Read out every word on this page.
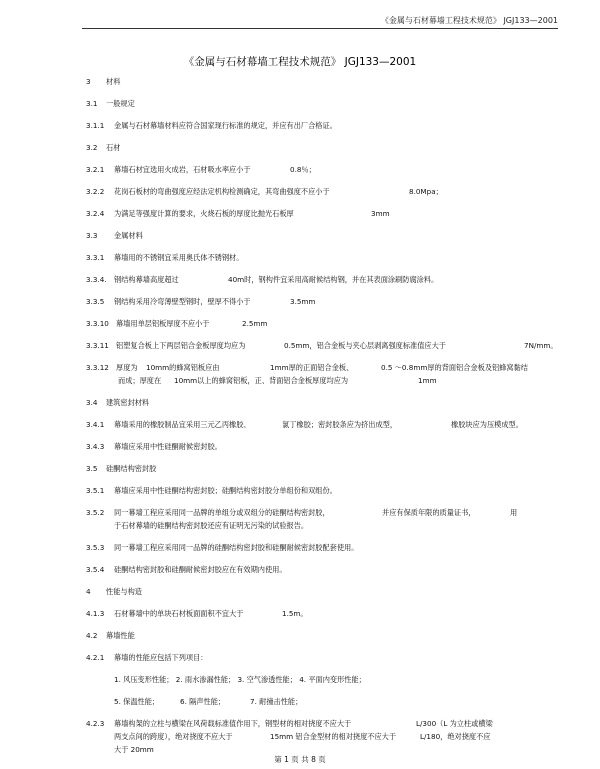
《金属与石材幕墙工程技术规范》 JGJ133—2001
《金属与石材幕墙工程技术规范》 JGJ133—2001
3 材料
3.1 一般规定
3.1.1 金属与石材幕墙材料应符合国家现行标准的规定，并应有出厂合格证。
3.2 石材
3.2.1 幕墙石材宜选用火成岩，石材吸水率应小于	0.8％；
3.2.2 花岗石板材的弯曲强度应经法定机构检测确定，其弯曲强度不应小于	8.0Mpa；
3.2.4 为满足等强度计算的要求，火烧石板的厚度比抛光石板厚	3mm
3.3 金属材料
3.3.1 幕墙用的不锈钢宜采用奥氏体不锈钢材。
3.3.4. 钢结构幕墙高度超过	40m时，钢构件宜采用高耐候结构钢，并在其表面涂刷防腐涂料。
3.3.5 钢结构采用冷弯薄壁型钢时，壁厚不得小于	3.5mm
3.3.10 幕墙用单层铝板厚度不应小于	2.5mm
3.3.11 铝塑复合板上下两层铝合金板厚度均应为	0.5mm，铝合金板与夹心层剥离强度标准值应大于	7N/mm。
3.3.12 厚度为 10mm的蜂窝铝板应由	1mm厚的正面铝合金板、	0.5 ～0.8mm厚的背面铝合金板及铝蜂窝黏结
而成；厚度在 10mm以上的蜂窝铝板，正、背面铝合金板厚度均应为	1mm
3.4 建筑密封材料
3.4.1 幕墙采用的橡胶制品宜采用三元乙丙橡胶、	氯丁橡胶；密封胶条应为挤出成型，	橡胶块应为压模成型。
3.4.3 幕墙应采用中性硅酮耐候密封胶。
3.5 硅酮结构密封胶
3.5.1 幕墙应采用中性硅酮结构密封胶；硅酮结构密封胶分单组份和双组份。
3.5.2 同一幕墙工程应采用同一品牌的单组分或双组分的硅酮结构密封胶，	并应有保质年限的质量证书，	用
于石材幕墙的硅酮结构密封胶还应有证明无污染的试验报告。
3.5.3 同一幕墙工程应采用同一品牌的硅酮结构密封胶和硅酮耐候密封胶配套使用。
3.5.4 硅酮结构密封胶和硅酮耐候密封胶应在有效期内使用。
4 性能与构造
4.1.3 石材幕墙中的单块石材板面面积不宜大于	1.5m。
4.2 幕墙性能
4.2.1 幕墙的性能应包括下列项目：
1. 风压变形性能； 2. 雨水渗漏性能； 3. 空气渗透性能； 4. 平面内变形性能；
5. 保温性能；	6. 隔声性能；	7. 耐撞击性能；
4.2.3 幕墙构架的立柱与横梁在风荷载标准值作用下，钢型材的相对挠度不应大于	L/300（L 为立柱或横梁
两支点间的跨度），绝对挠度不应大于	15mm 铝合金型材的相对挠度不应大于	L/180，绝对挠度不应
大于 20mm
第 1 页 共 8 页
